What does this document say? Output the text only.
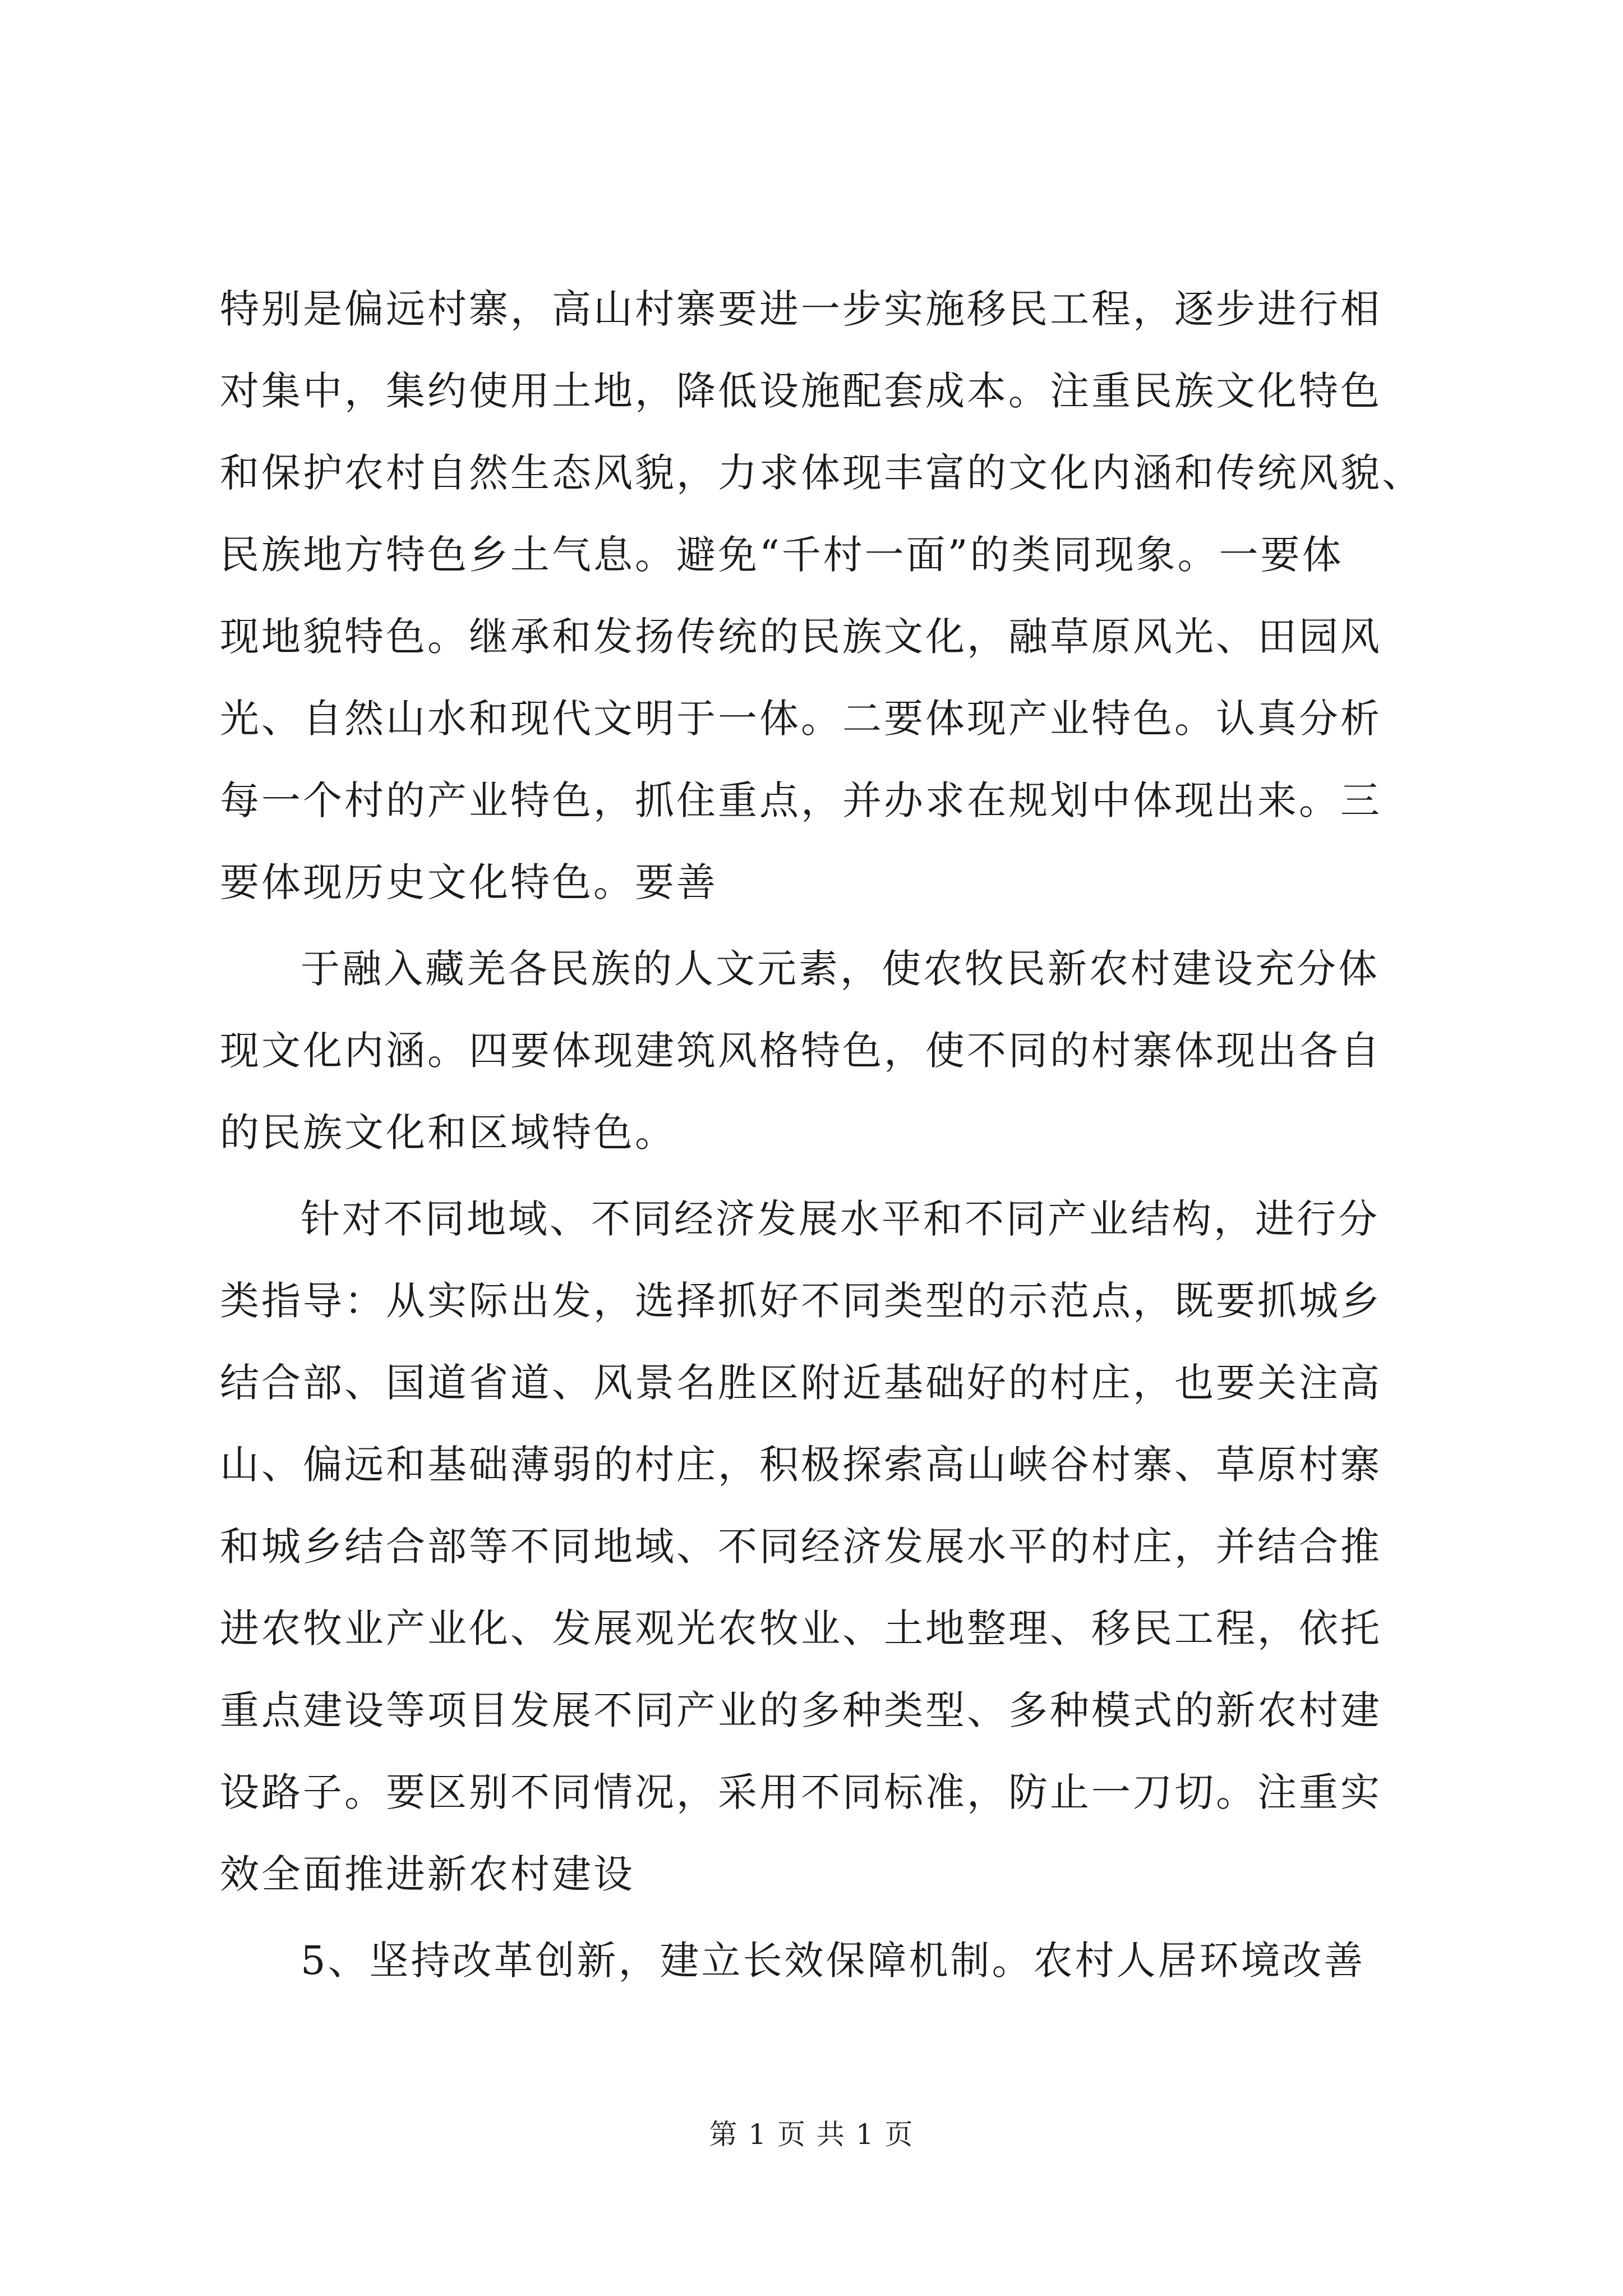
特别是偏远村寨，高山村寨要进一步实施移民工程，逐步进行相
对集中，集约使用土地，降低设施配套成本。注重民族文化特色
和保护农村自然生态风貌，力求体现丰富的文化内涵和传统风貌、
民族地方特色乡土气息。避免“千村一面”的类同现象。一要体
现地貌特色。继承和发扬传统的民族文化，融草原风光、田园风
光、自然山水和现代文明于一体。二要体现产业特色。认真分析
每一个村的产业特色，抓住重点，并办求在规划中体现出来。三
要体现历史文化特色。要善
于融入藏羌各民族的人文元素，使农牧民新农村建设充分体
现文化内涵。四要体现建筑风格特色，使不同的村寨体现出各自
的民族文化和区域特色。
针对不同地域、不同经济发展水平和不同产业结构，进行分
类指导：从实际出发，选择抓好不同类型的示范点，既要抓城乡
结合部、国道省道、风景名胜区附近基础好的村庄，也要关注高
山、偏远和基础薄弱的村庄，积极探索高山峡谷村寨、草原村寨
和城乡结合部等不同地域、不同经济发展水平的村庄，并结合推
进农牧业产业化、发展观光农牧业、土地整理、移民工程，依托
重点建设等项目发展不同产业的多种类型、多种模式的新农村建
设路子。要区别不同情况，采用不同标准，防止一刀切。注重实
效全面推进新农村建设
5、坚持改革创新，建立长效保障机制。农村人居环境改善
第 1 页 共 1 页
